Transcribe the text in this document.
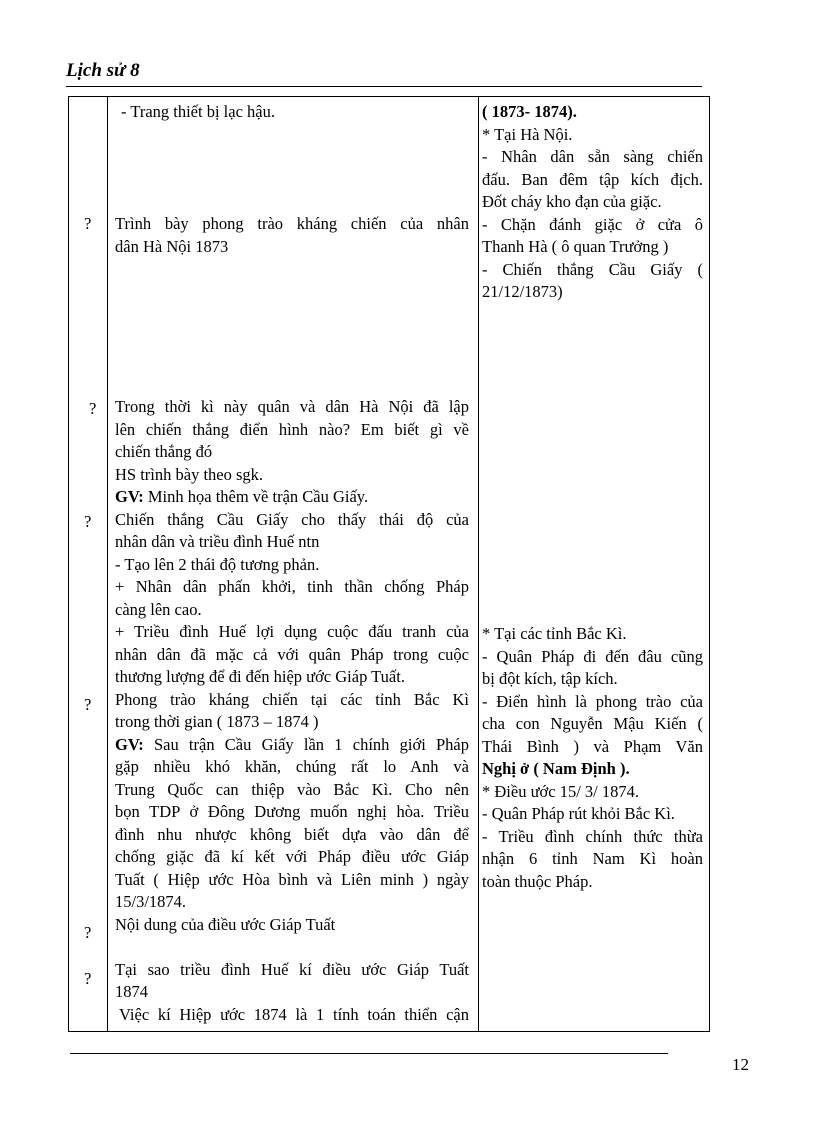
Lịch sử 8
?
?
?
?
?
?
- Trang thiết bị lạc hậu.
Trình bày phong trào kháng chiến của nhân
dân Hà Nội 1873
Trong thời kì này quân và dân Hà Nội đã lập
lên chiến thắng điển hình nào? Em biết gì về
chiến thắng đó
HS trình bày theo sgk.
GV: Minh họa thêm về trận Cầu Giấy.
Chiến thắng Cầu Giấy cho thấy thái độ của
nhân dân và triều đình Huế ntn
- Tạo lên 2 thái độ tương phản.
+ Nhân dân phấn khởi, tinh thần chống Pháp
càng lên cao.
+ Triều đình Huế lợi dụng cuộc đấu tranh của
nhân dân đã mặc cả với quân Pháp trong cuộc
thương lượng để đi đến hiệp ước Giáp Tuất.
Phong trào kháng chiến tại các tỉnh Bắc Kì
trong thời gian ( 1873 – 1874 )
GV: Sau trận Cầu Giấy lần 1 chính giới Pháp
gặp nhiều khó khăn, chúng rất lo Anh và
Trung Quốc can thiệp vào Bắc Kì. Cho nên
bọn TDP ở Đông Dương muốn nghị hòa. Triều
đình nhu nhược không biết dựa vào dân để
chống giặc đã kí kết với Pháp điều ước Giáp
Tuất ( Hiệp ước Hòa bình và Liên minh ) ngày
15/3/1874.
Nội dung của điều ước Giáp Tuất

Tại sao triều đình Huế kí điều ước Giáp Tuất
1874
Việc kí Hiệp ước 1874 là 1 tính toán thiển cận
( 1873- 1874).
* Tại Hà Nội.
- Nhân dân sẵn sàng chiến
đấu. Ban đêm tập kích địch.
Đốt cháy kho đạn của giặc.
- Chặn đánh giặc ở cửa ô
Thanh Hà ( ô quan Trưởng )
- Chiến thắng Cầu Giấy (
21/12/1873)
* Tại các tỉnh Bắc Kì.
- Quân Pháp đi đến đâu cũng
bị đột kích, tập kích.
- Điển hình là phong trào của
cha con Nguyễn Mậu Kiến (
Thái Bình ) và Phạm Văn
Nghị ở ( Nam Định ).
* Điều ước 15/ 3/ 1874.
- Quân Pháp rút khỏi Bắc Kì.
- Triều đình chính thức thừa
nhận 6 tỉnh Nam Kì hoàn
toàn thuộc Pháp.
12
